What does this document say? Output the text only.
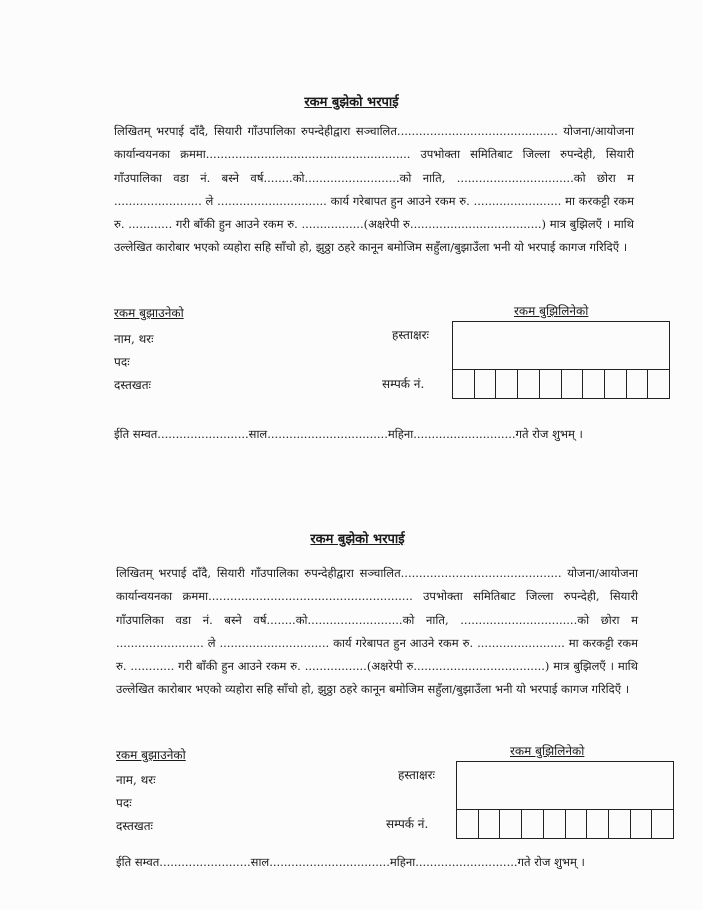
रकम बुझेको भरपाई
लिखितम् भरपाई दाँदै, सियारी गाँउपालिका रुपन्देहीद्वारा सञ्चालित............................................ योजना/आयोजना कार्यान्वयनका क्रममा........................................................ उपभोक्ता समितिबाट जिल्ला रुपन्देही, सियारी गाँउपालिका वडा नं. बस्ने वर्ष........को..........................को नाति, ................................को छोरा म ........................ ले .............................. कार्य गरेबापत हुन आउने रकम रु. ........................ मा करकट्टी रकम रु. ............ गरी बाँकी हुन आउने रकम रु. .................(अक्षरेपी रु....................................) मात्र बुझिलएँ । माथि उल्लेखित कारोबार भएको व्यहोरा सहि साँचो हो, झुठ्ठा ठहरे कानून बमोजिम सहुँला/बुझाउँला भनी यो भरपाई कागज गरिदिएँ ।
रकम बुझाउनेको	रकम बुझिलिनेको
नाम, थरः
पदः
दस्तखतः
हस्ताक्षरः
सम्पर्क नं.
ईति सम्वत.........................साल.................................महिना............................गते रोज शुभम् ।
रकम बुझेको भरपाई
लिखितम् भरपाई दाँदै, सियारी गाँउपालिका रुपन्देहीद्वारा सञ्चालित............................................ योजना/आयोजना कार्यान्वयनका क्रममा........................................................ उपभोक्ता समितिबाट जिल्ला रुपन्देही, सियारी गाँउपालिका वडा नं. बस्ने वर्ष........को..........................को नाति, ................................को छोरा म ........................ ले .............................. कार्य गरेबापत हुन आउने रकम रु. ........................ मा करकट्टी रकम रु. ............ गरी बाँकी हुन आउने रकम रु. .................(अक्षरेपी रु....................................) मात्र बुझिलएँ । माथि उल्लेखित कारोबार भएको व्यहोरा सहि साँचो हो, झुठ्ठा ठहरे कानून बमोजिम सहुँला/बुझाउँला भनी यो भरपाई कागज गरिदिएँ ।
रकम बुझाउनेको	रकम बुझिलिनेको
नाम, थरः
पदः
दस्तखतः
हस्ताक्षरः
सम्पर्क नं.
ईति सम्वत.........................साल.................................महिना............................गते रोज शुभम् ।
